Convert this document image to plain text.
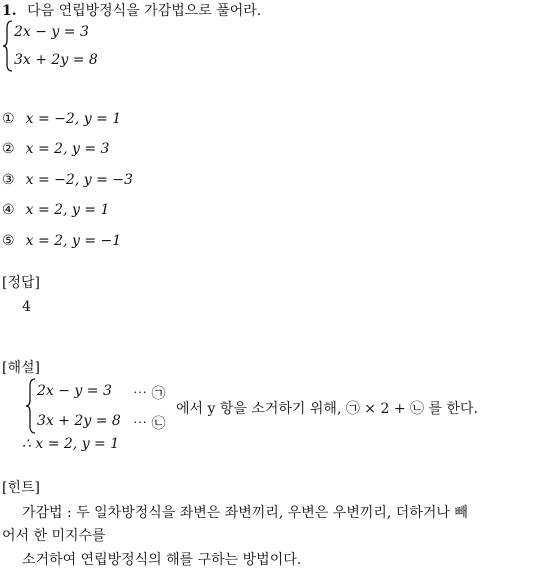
1. 다음 연립방정식을 가감법으로 풀어라.
2x − y = 3
3x + 2y = 8
① x = −2, y = 1
② x = 2, y = 3
③ x = −2, y = −3
④ x = 2, y = 1
⑤ x = 2, y = −1
[정답]
4
[해설]
2x − y = 3 ⋯ ㉠
3x + 2y = 8 ⋯ ㉡
에서 y 항을 소거하기 위해, ㉠ × 2 + ㉡ 를 한다.
∴ x = 2, y = 1
[힌트]
가감법 : 두 일차방정식을 좌변은 좌변끼리, 우변은 우변끼리, 더하거나 빼
어서 한 미지수를
소거하여 연립방정식의 해를 구하는 방법이다.
